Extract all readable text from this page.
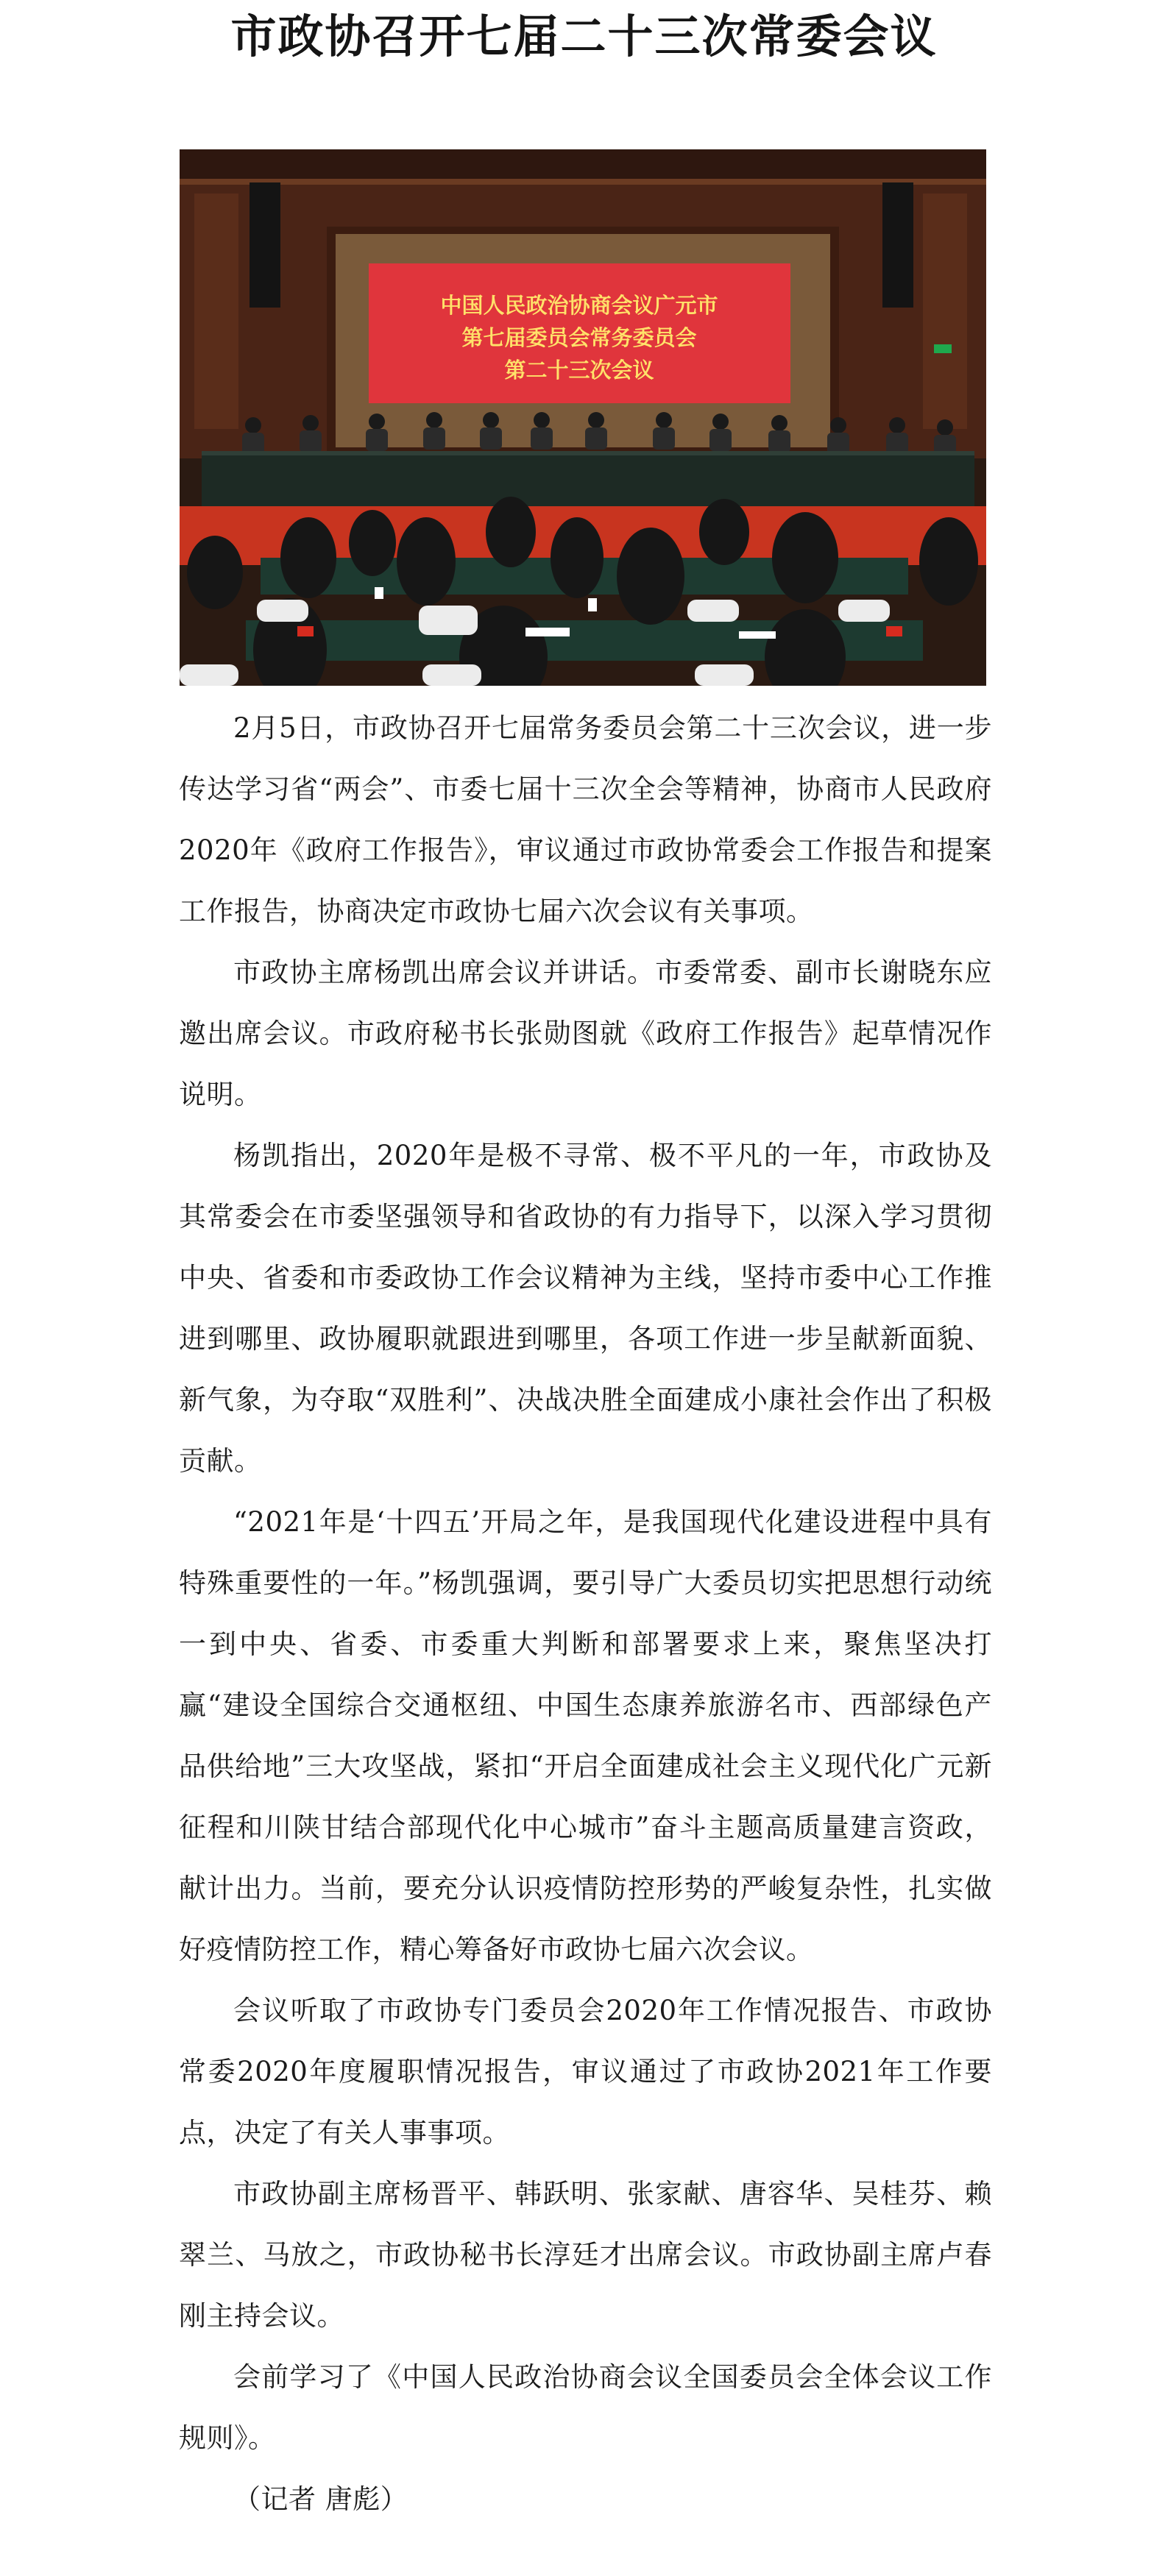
市政协召开七届二十三次常委会议
中国人民政治协商会议广元市
第七届委员会常务委员会
第二十三次会议

2月5日，市政协召开七届常务委员会第二十三次会议，进一步传达学习省“两会”、市委七届十三次全会等精神，协商市人民政府2020年《政府工作报告》，审议通过市政协常委会工作报告和提案工作报告，协商决定市政协七届六次会议有关事项。

市政协主席杨凯出席会议并讲话。市委常委、副市长谢晓东应邀出席会议。市政府秘书长张勋图就《政府工作报告》起草情况作说明。

杨凯指出，2020年是极不寻常、极不平凡的一年，市政协及其常委会在市委坚强领导和省政协的有力指导下，以深入学习贯彻中央、省委和市委政协工作会议精神为主线，坚持市委中心工作推进到哪里、政协履职就跟进到哪里，各项工作进一步呈献新面貌、新气象，为夺取“双胜利”、决战决胜全面建成小康社会作出了积极贡献。

“2021年是‘十四五’开局之年，是我国现代化建设进程中具有特殊重要性的一年。”杨凯强调，要引导广大委员切实把思想行动统一到中央、省委、市委重大判断和部署要求上来，聚焦坚决打赢“建设全国综合交通枢纽、中国生态康养旅游名市、西部绿色产品供给地”三大攻坚战，紧扣“开启全面建成社会主义现代化广元新征程和川陕甘结合部现代化中心城市”奋斗主题高质量建言资政，献计出力。当前，要充分认识疫情防控形势的严峻复杂性，扎实做好疫情防控工作，精心筹备好市政协七届六次会议。

会议听取了市政协专门委员会2020年工作情况报告、市政协常委2020年度履职情况报告，审议通过了市政协2021年工作要点，决定了有关人事事项。

市政协副主席杨晋平、韩跃明、张家献、唐容华、吴桂芬、赖翠兰、马放之，市政协秘书长淳廷才出席会议。市政协副主席卢春刚主持会议。

会前学习了《中国人民政治协商会议全国委员会全体会议工作规则》。

（记者 唐彪）
